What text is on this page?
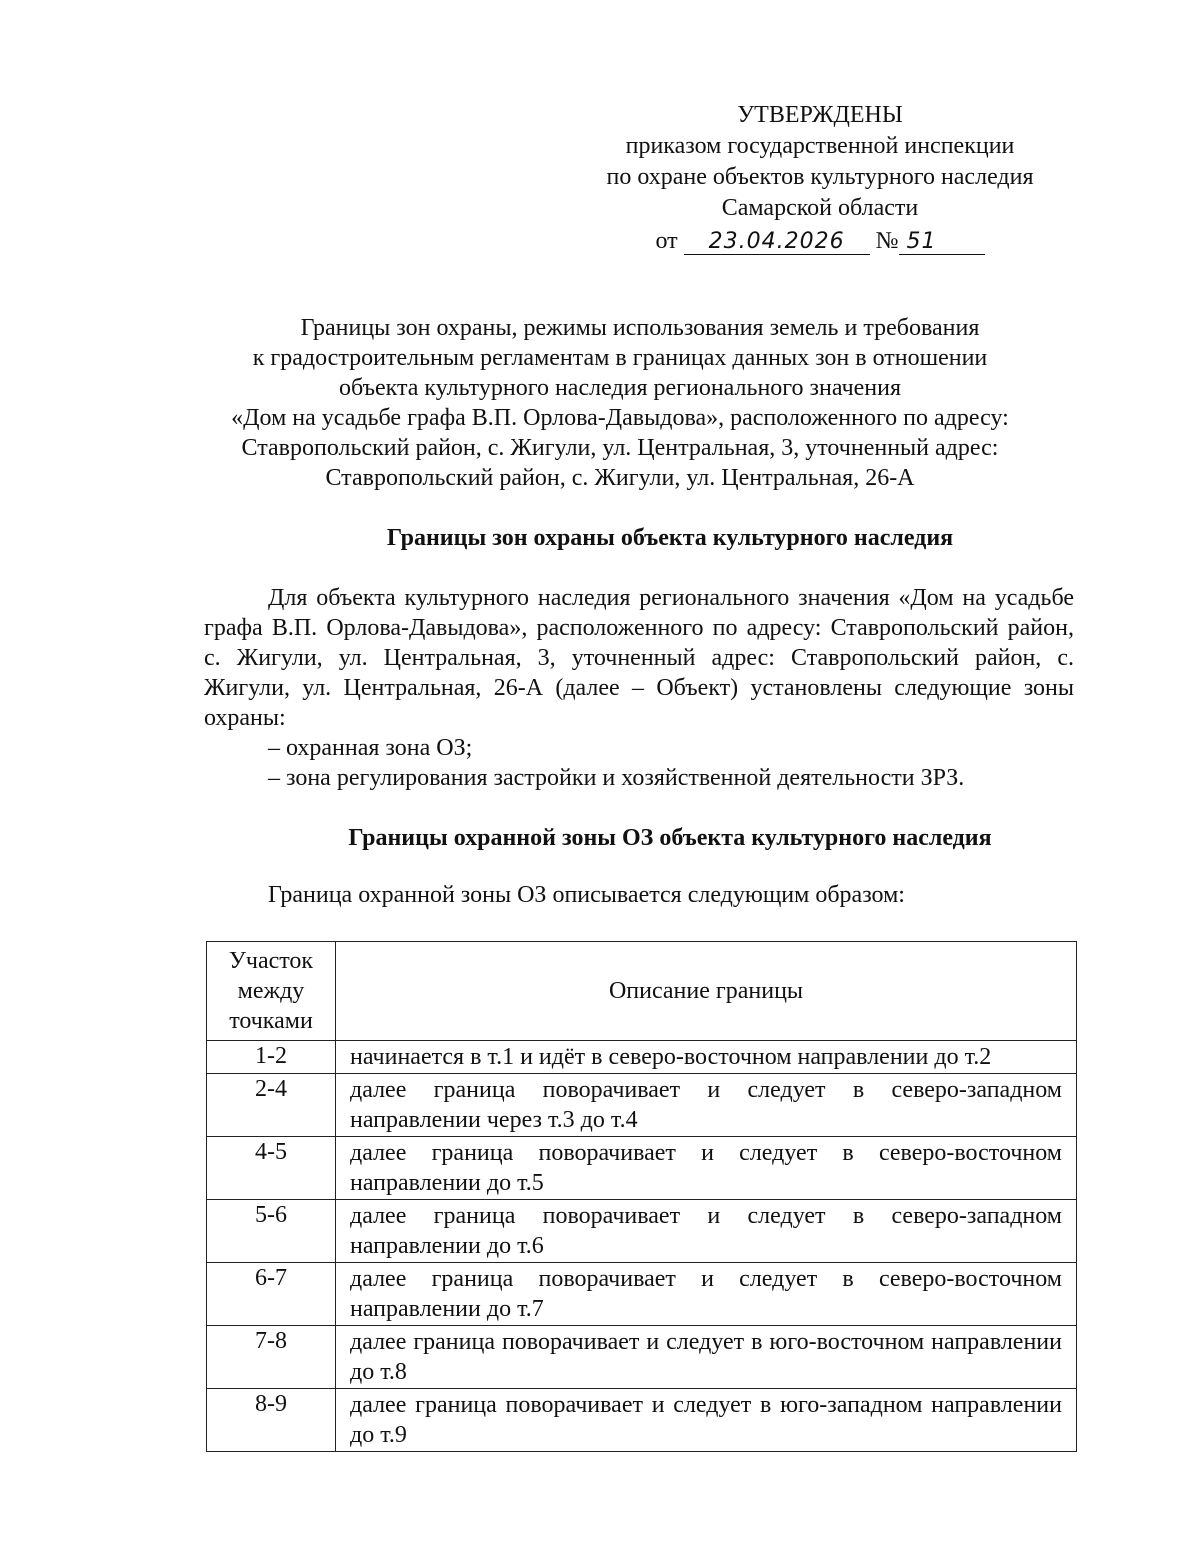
УТВЕРЖДЕНЫ
приказом государственной инспекции
по охране объектов культурного наследия
Самарской области
от 23.04.2026 № 51
Границы зон охраны, режимы использования земель и требования
к градостроительным регламентам в границах данных зон в отношении
объекта культурного наследия регионального значения
«Дом на усадьбе графа В.П. Орлова-Давыдова», расположенного по адресу:
Ставропольский район, с. Жигули, ул. Центральная, 3, уточненный адрес:
Ставропольский район, с. Жигули, ул. Центральная, 26-А
Границы зон охраны объекта культурного наследия

Для объекта культурного наследия регионального значения «Дом на усадьбе графа В.П. Орлова-Давыдова», расположенного по адресу: Ставропольский район, с. Жигули, ул. Центральная, 3, уточненный адрес: Ставропольский район, с. Жигули, ул. Центральная, 26-А (далее – Объект) установлены следующие зоны охраны:

– охранная зона ОЗ;
– зона регулирования застройки и хозяйственной деятельности ЗРЗ.
Границы охранной зоны ОЗ объекта культурного наследия
Граница охранной зоны ОЗ описывается следующим образом:
Участок между точками	Описание границы
1-2	начинается в т.1 и идёт в северо-восточном направлении до т.2
2-4	далее граница поворачивает и следует в северо-западном направлении через т.3 до т.4
4-5	далее граница поворачивает и следует в северо-восточном направлении до т.5
5-6	далее граница поворачивает и следует в северо-западном направлении до т.6
6-7	далее граница поворачивает и следует в северо-восточном направлении до т.7
7-8	далее граница поворачивает и следует в юго-восточном направлении до т.8
8-9	далее граница поворачивает и следует в юго-западном направлении до т.9
